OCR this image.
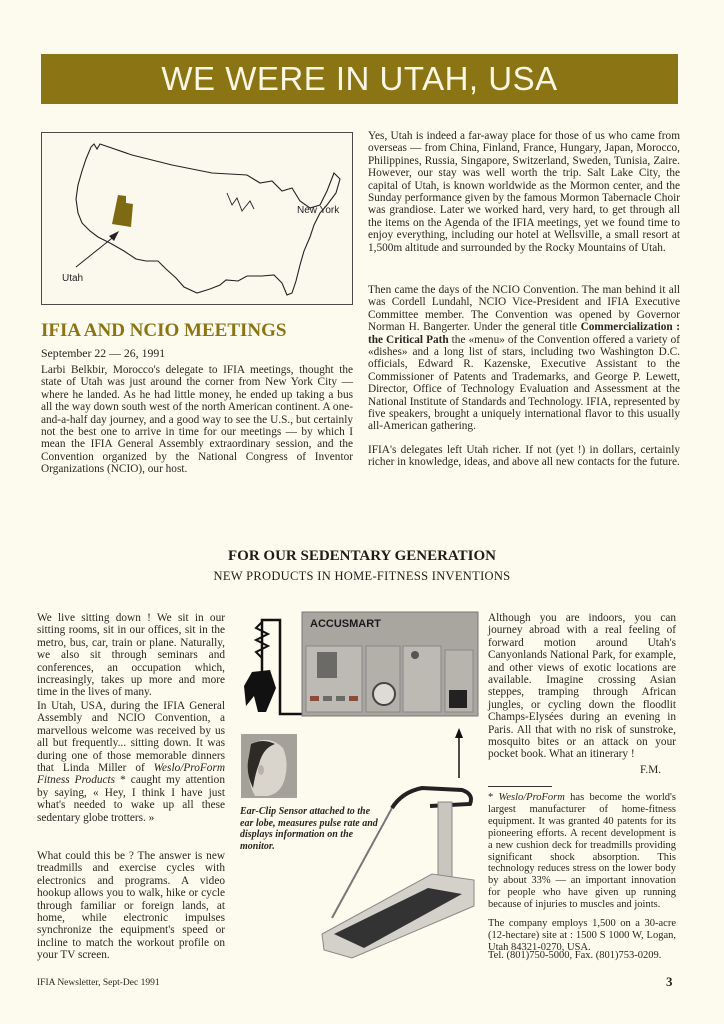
WE WERE IN UTAH, USA
Utah
New York
IFIA AND NCIO MEETINGS
September 22 — 26, 1991

Larbi Belkbir, Morocco's delegate to IFIA meetings, thought the state of Utah was just around the corner from New York City — where he landed. As he had little money, he ended up taking a bus all the way down south west of the north American continent. A one-and-a-half day journey, and a good way to see the U.S., but certainly not the best one to arrive in time for our meetings — by which I mean the IFIA General Assembly extraordinary session, and the Convention organized by the National Congress of Inventor Organizations (NCIO), our host.

Yes, Utah is indeed a far-away place for those of us who came from overseas — from China, Finland, France, Hungary, Japan, Morocco, Philippines, Russia, Singapore, Switzerland, Sweden, Tunisia, Zaire. However, our stay was well worth the trip. Salt Lake City, the capital of Utah, is known worldwide as the Mormon center, and the Sunday performance given by the famous Mormon Tabernacle Choir was grandiose. Later we worked hard, very hard, to get through all the items on the Agenda of the IFIA meetings, yet we found time to enjoy everything, including our hotel at Wellsville, a small resort at 1,500m altitude and surrounded by the Rocky Mountains of Utah.

Then came the days of the NCIO Convention. The man behind it all was Cordell Lundahl, NCIO Vice-President and IFIA Executive Committee member. The Convention was opened by Governor Norman H. Bangerter. Under the general title Commercialization : the Critical Path the «menu» of the Convention offered a variety of «dishes» and a long list of stars, including two Washington D.C. officials, Edward R. Kazenske, Executive Assistant to the Commissioner of Patents and Trademarks, and George P. Lewett, Director, Office of Technology Evaluation and Assessment at the National Institute of Standards and Technology. IFIA, represented by five speakers, brought a uniquely international flavor to this usually all-American gathering.

IFIA's delegates left Utah richer. If not (yet !) in dollars, certainly richer in knowledge, ideas, and above all new contacts for the future.

FOR OUR SEDENTARY GENERATION
NEW PRODUCTS IN HOME-FITNESS INVENTIONS

We live sitting down ! We sit in our sitting rooms, sit in our offices, sit in the metro, bus, car, train or plane. Naturally, we also sit through seminars and conferences, an occupation which, increasingly, takes up more and more time in the lives of many.

In Utah, USA, during the IFIA General Assembly and NCIO Convention, a marvellous welcome was received by us all but frequently... sitting down. It was during one of those memorable dinners that Linda Miller of Weslo/ProForm Fitness Products * caught my attention by saying, « Hey, I think I have just what's needed to wake up all these sedentary globe trotters. »

What could this be ? The answer is new treadmills and exercise cycles with electronics and programs. A video hookup allows you to walk, hike or cycle through familiar or foreign lands, at home, while electronic impulses synchronize the equipment's speed or incline to match the workout profile on your TV screen.

ACCUSMART

Ear-Clip Sensor attached to the ear lobe, measures pulse rate and displays information on the monitor.

Although you are indoors, you can journey abroad with a real feeling of forward motion around Utah's Canyonlands National Park, for example, and other views of exotic locations are available. Imagine crossing Asian steppes, tramping through African jungles, or cycling down the floodlit Champs-Elysées during an evening in Paris. All that with no risk of sunstroke, mosquito bites or an attack on your pocket book. What an itinerary !

F.M.

* Weslo/ProForm has become the world's largest manufacturer of home-fitness equipment. It was granted 40 patents for its pioneering efforts. A recent development is a new cushion deck for treadmills providing significant shock absorption. This technology reduces stress on the lower body by about 33% — an important innovation for people who have given up running because of injuries to muscles and joints.

The company employs 1,500 on a 30-acre (12-hectare) site at : 1500 S 1000 W, Logan, Utah 84321-0270, USA.

Tel. (801)750-5000, Fax. (801)753-0209.

IFIA Newsletter, Sept-Dec 1991	3
